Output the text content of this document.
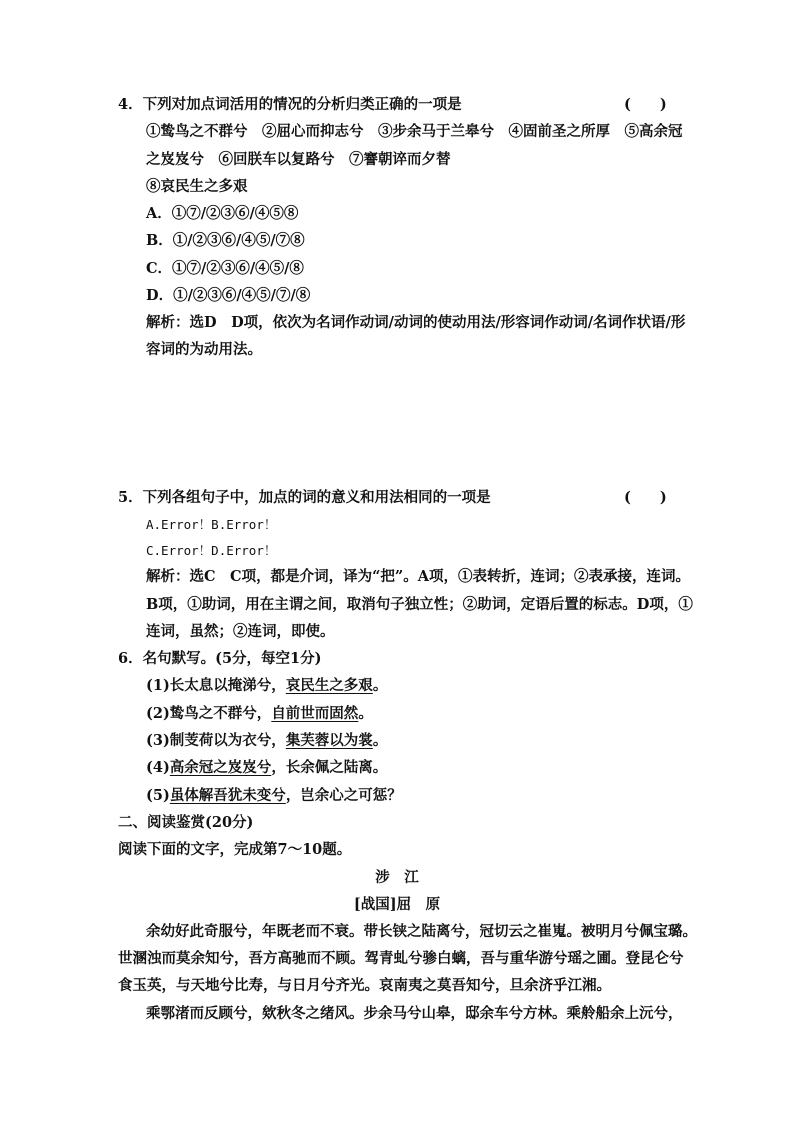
4．下列对加点词活用的情况的分析归类正确的一项是	(　　)
①鸷鸟之不群兮　②屈心而抑志兮　③步余马于兰皋兮　④固前圣之所厚　⑤高余冠
之岌岌兮　⑥回朕车以复路兮　⑦謇朝谇而夕替
⑧哀民生之多艰
A．①⑦/②③⑥/④⑤⑧
B．①/②③⑥/④⑤/⑦⑧
C．①⑦/②③⑥/④⑤/⑧
D．①/②③⑥/④⑤/⑦/⑧
解析：选D　D项，依次为名词作动词/动词的使动用法/形容词作动词/名词作状语/形
容词的为动用法。
5．下列各组句子中，加点的词的意义和用法相同的一项是	(　　)
A.Error！B.Error！
C.Error！D.Error！
解析：选C　C项，都是介词，译为“把”。A项，①表转折，连词；②表承接，连词。
B项，①助词，用在主谓之间，取消句子独立性；②助词，定语后置的标志。D项，①
连词，虽然；②连词，即使。
6．名句默写。(5分，每空1分)
(1)长太息以掩涕兮，哀民生之多艰。
(2)鸷鸟之不群兮，自前世而固然。
(3)制芰荷以为衣兮，集芙蓉以为裳。
(4)高余冠之岌岌兮，长余佩之陆离。
(5)虽体解吾犹未变兮，岂余心之可惩？
二、阅读鉴赏(20分)
阅读下面的文字，完成第7～10题。
涉　江
[战国]屈　原
余幼好此奇服兮，年既老而不衰。带长铗之陆离兮，冠切云之崔嵬。被明月兮佩宝璐。
世溷浊而莫余知兮，吾方高驰而不顾。驾青虬兮骖白螭，吾与重华游兮瑶之圃。登昆仑兮
食玉英，与天地兮比寿，与日月兮齐光。哀南夷之莫吾知兮，旦余济乎江湘。
乘鄂渚而反顾兮，欸秋冬之绪风。步余马兮山皋，邸余车兮方林。乘舲船余上沅兮，
